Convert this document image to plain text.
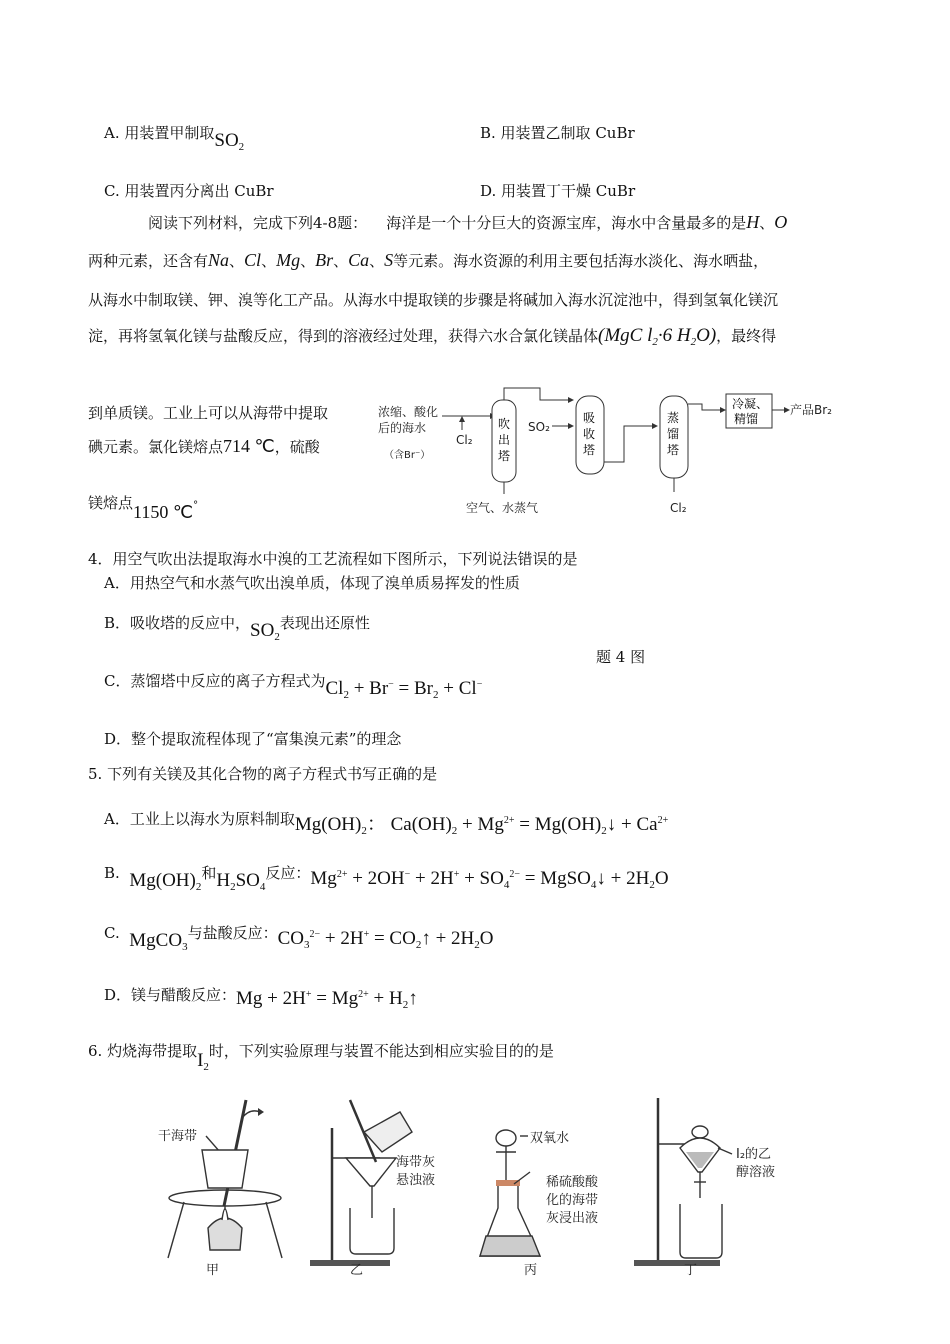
A. 用装置甲制取$SO_2$
B. 用装置乙制取 CuBr
C. 用装置丙分离出 CuBr	D. 用装置丁干燥 CuBr
阅读下列材料，完成下列4-8题： 海洋是一个十分巨大的资源宝库，海水中含量最多的是H、O
两种元素，还含有Na、Cl、Mg、Br、Ca、S等元素。海水资源的利用主要包括海水淡化、海水晒盐，
从海水中制取镁、钾、溴等化工产品。从海水中提取镁的步骤是将碱加入海水沉淀池中，得到氢氧化镁沉
淀，再将氢氧化镁与盐酸反应，得到的溶液经过处理，获得六水合氯化镁晶体(MgC $l_2\cdot 6$ $H_2O$)，最终得
到单质镁。工业上可以从海带中提取
碘元素。氯化镁熔点714 ℃，硫酸
镁熔点1150 ℃°
浓缩、酸化
后的海水
（含Br⁻）
Cl₂
SO₂
空气、水蒸气	Cl₂
产品Br₂
吹
出
塔
吸
收
塔
蒸
馏
塔
冷凝、
精馏
4．用空气吹出法提取海水中溴的工艺流程如下图所示，下列说法错误的是
A．用热空气和水蒸气吹出溴单质，体现了溴单质易挥发的性质
B．吸收塔的反应中，$SO_2$表现出还原性
题 4 图
C．蒸馏塔中反应的离子方程式为$Cl_2 + Br^- = Br_2 + Cl^-$
D．整个提取流程体现了“富集溴元素”的理念
5. 下列有关镁及其化合物的离子方程式书写正确的是
A．工业上以海水为原料制取$Mg(OH)_2$： $Ca(OH)_2 + Mg^{2+}$ = $Mg(OH)_2↓ + Ca^{2+}$
B. $Mg(OH)_2$和$H_2SO_4$反应：$Mg^{2+} + 2OH^- + 2H^+ + SO_4^{2-}$ = MgSO$_4$↓ + $2H_2O$
C. MgCO$_3$与盐酸反应：$CO_3^{2-} + 2H^+$ = $CO_2↑ + 2H_2O$
D．镁与醋酸反应：$Mg + 2H^+ = Mg^{2+}$ + $H_2↑$
6. 灼烧海带提取$I_2$时，下列实验原理与装置不能达到相应实验目的的是
干海带
海带灰
悬浊液
双氧水
稀硫酸酸
化的海带
灰浸出液
I₂的乙
醇溶液
甲	乙	丙	丁
